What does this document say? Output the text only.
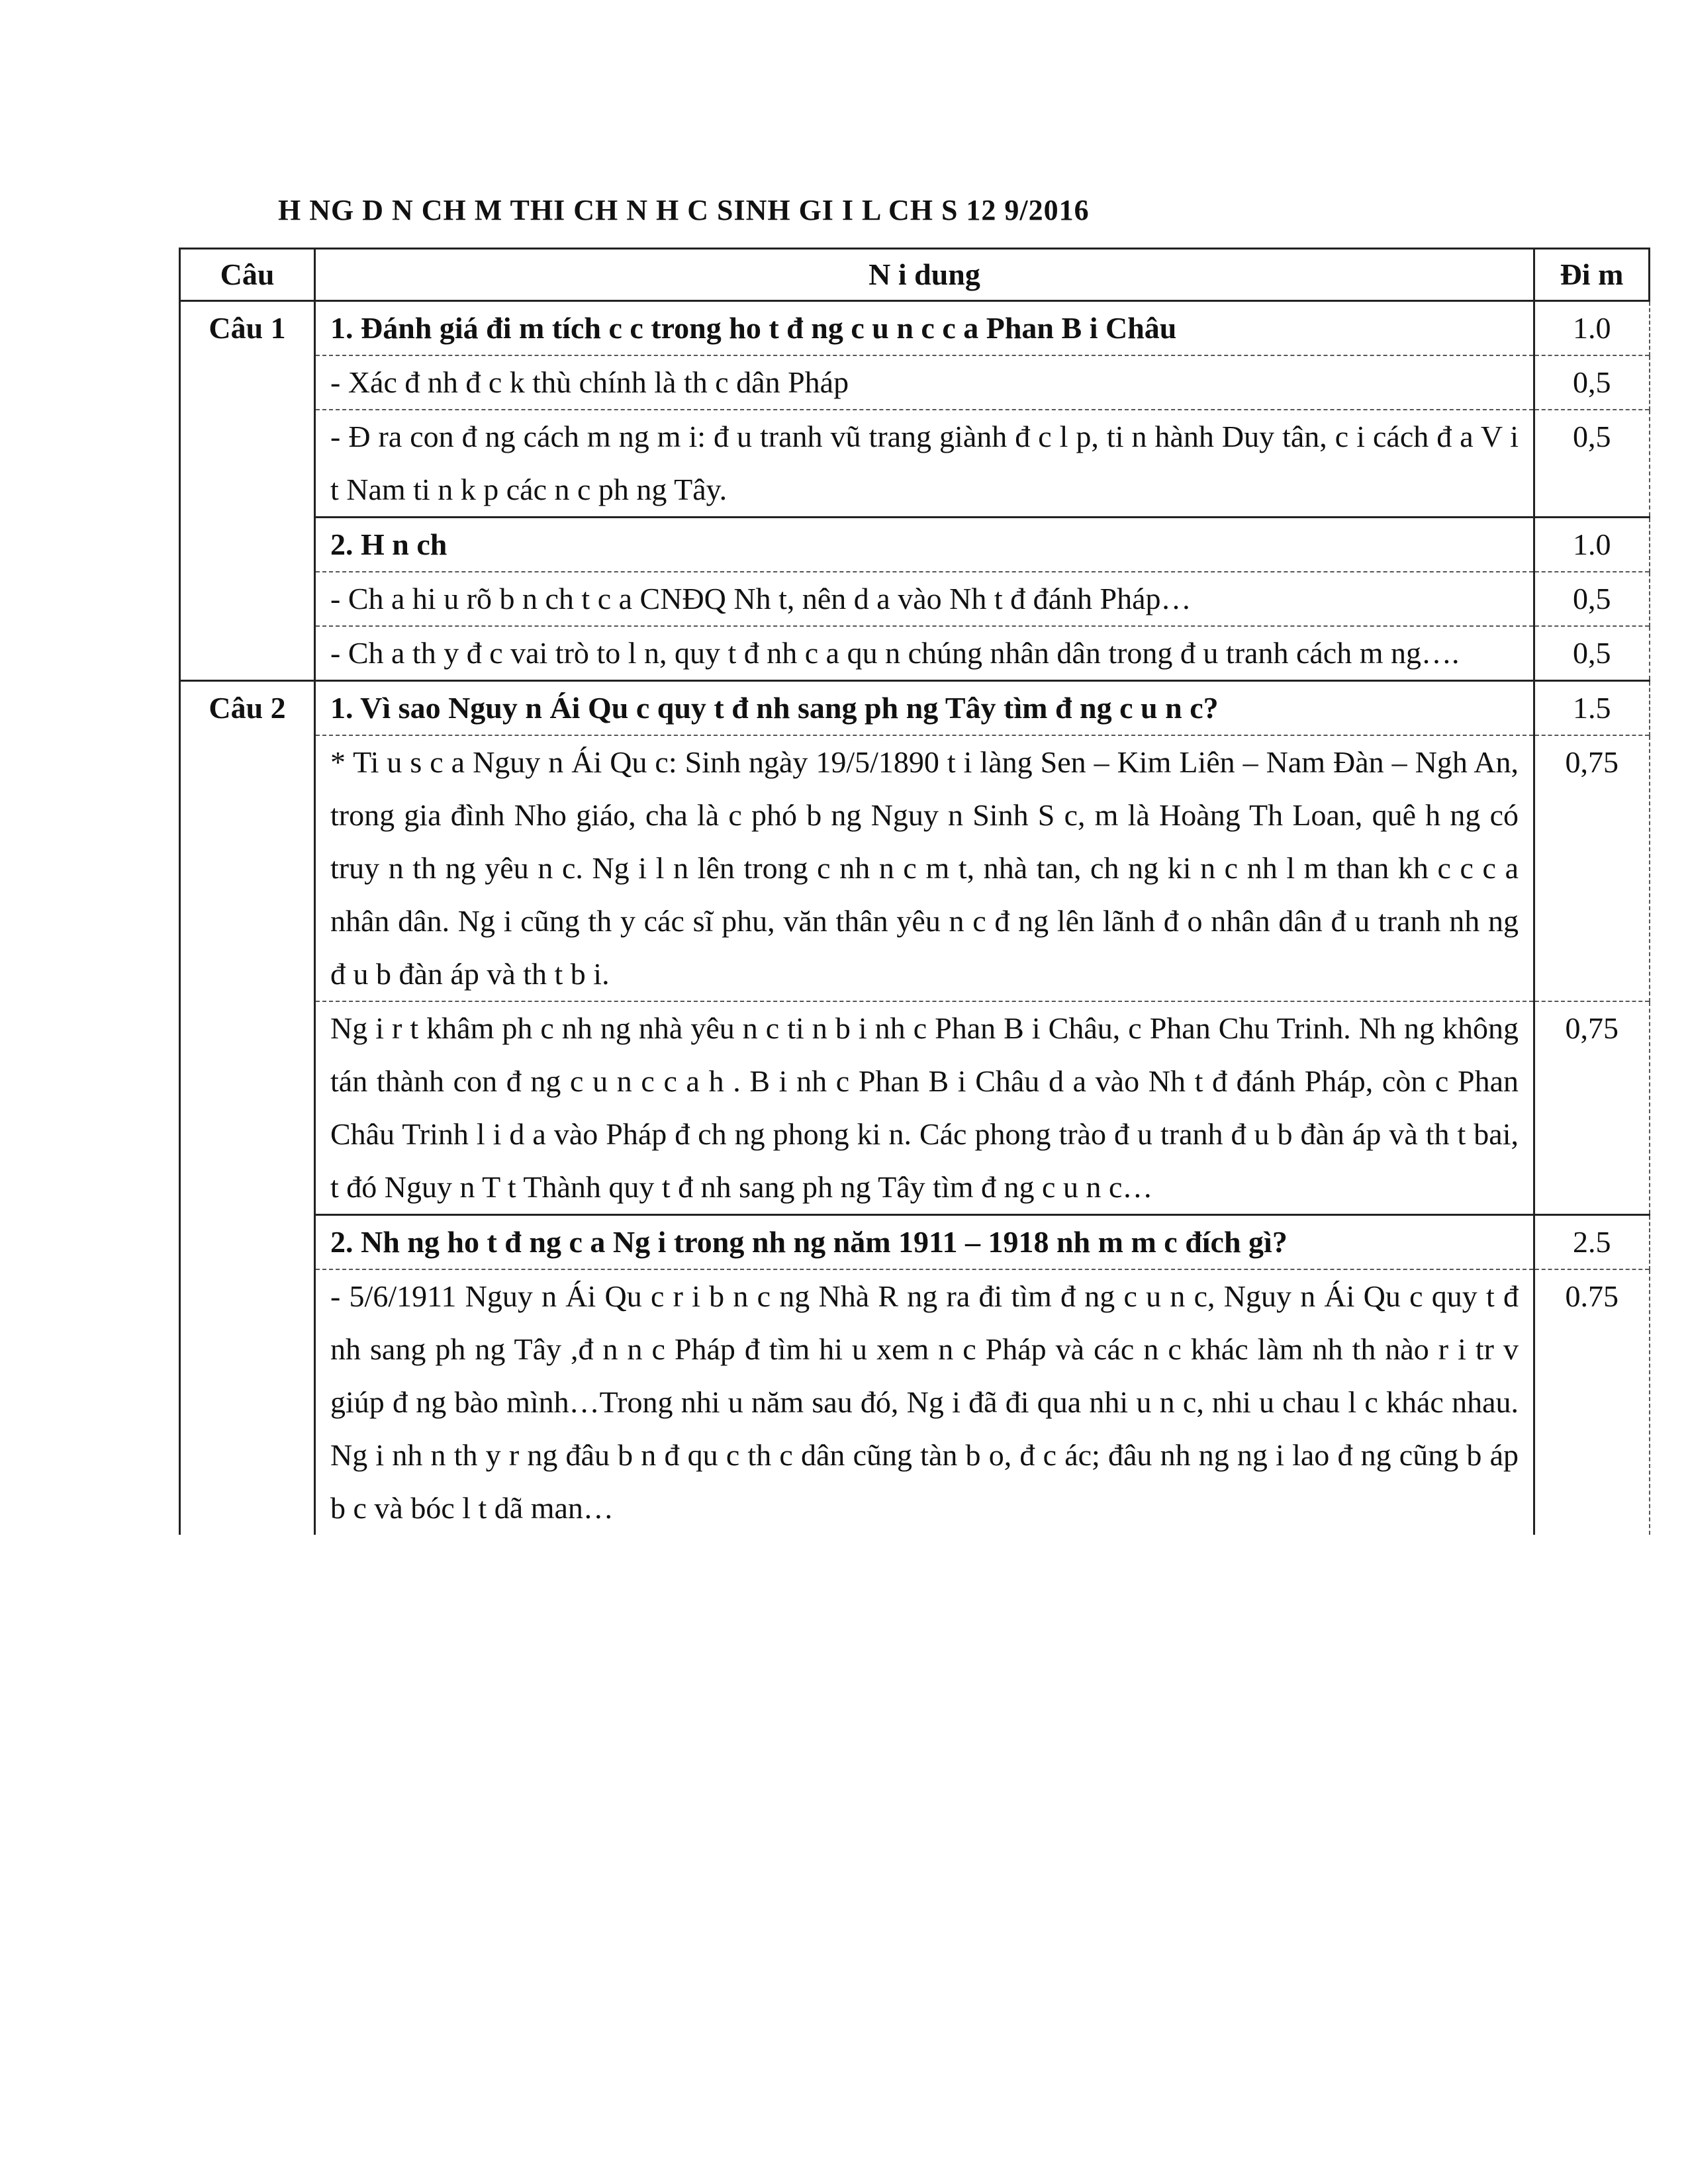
H NG D N CH M THI CH N H C SINH GI I L CH S 12 9/2016
Câu	N i dung	Đi m
Câu 1	1. Đánh giá đi m tích c c trong ho t đ ng c u n c c a Phan B i Châu	1.0
	- Xác đ nh đ c k thù chính là th c dân Pháp	0,5
	- Đ ra con đ ng cách m ng m i: đ u tranh vũ trang giành đ c l p, ti n hành Duy tân, c i cách đ a V i t Nam ti n k p các n c ph ng Tây.	0,5
	2. H n ch	1.0
	- Ch a hi u rõ b n ch t c a CNĐQ Nh t, nên d a vào Nh t đ đánh Pháp…	0,5
	- Ch a th y đ c vai trò to l n, quy t đ nh c a qu n chúng nhân dân trong đ u tranh cách m ng….	0,5
Câu 2	1. Vì sao Nguy n Ái Qu c quy t đ nh sang ph ng Tây tìm đ ng c u n c?	1.5
	* Ti u s c a Nguy n Ái Qu c: Sinh ngày 19/5/1890 t i làng Sen – Kim Liên – Nam Đàn – Ngh An, trong gia đình Nho giáo, cha là c phó b ng Nguy n Sinh S c, m là Hoàng Th Loan, quê h ng có truy n th ng yêu n c. Ng i l n lên trong c nh n c m t, nhà tan, ch ng ki n c nh l m than kh c c c a nhân dân. Ng i cũng th y các sĩ phu, văn thân yêu n c đ ng lên lãnh đ o nhân dân đ u tranh nh ng đ u b đàn áp và th t b i.	0,75
	Ng i r t khâm ph c nh ng nhà yêu n c ti n b i nh c Phan B i Châu, c Phan Chu Trinh. Nh ng không tán thành con đ ng c u n c c a h . B i nh c Phan B i Châu d a vào Nh t đ đánh Pháp, còn c Phan Châu Trinh l i d a vào Pháp đ ch ng phong ki n. Các phong trào đ u tranh đ u b đàn áp và th t bai, t đó Nguy n T t Thành quy t đ nh sang ph ng Tây tìm đ ng c u n c…	0,75
	2. Nh ng ho t đ ng c a Ng i trong nh ng năm 1911 – 1918 nh m m c đích gì?	2.5
	- 5/6/1911 Nguy n Ái Qu c r i b n c ng Nhà R ng ra đi tìm đ ng c u n c, Nguy n Ái Qu c quy t đ nh sang ph ng Tây ,đ n n c Pháp đ tìm hi u xem n c Pháp và các n c khác làm nh th nào r i tr v giúp đ ng bào mình…Trong nhi u năm sau đó, Ng i đã đi qua nhi u n c, nhi u chau l c khác nhau. Ng i nh n th y r ng đâu b n đ qu c th c dân cũng tàn b o, đ c ác; đâu nh ng ng i lao đ ng cũng b áp b c và bóc l t dã man…	0.75
